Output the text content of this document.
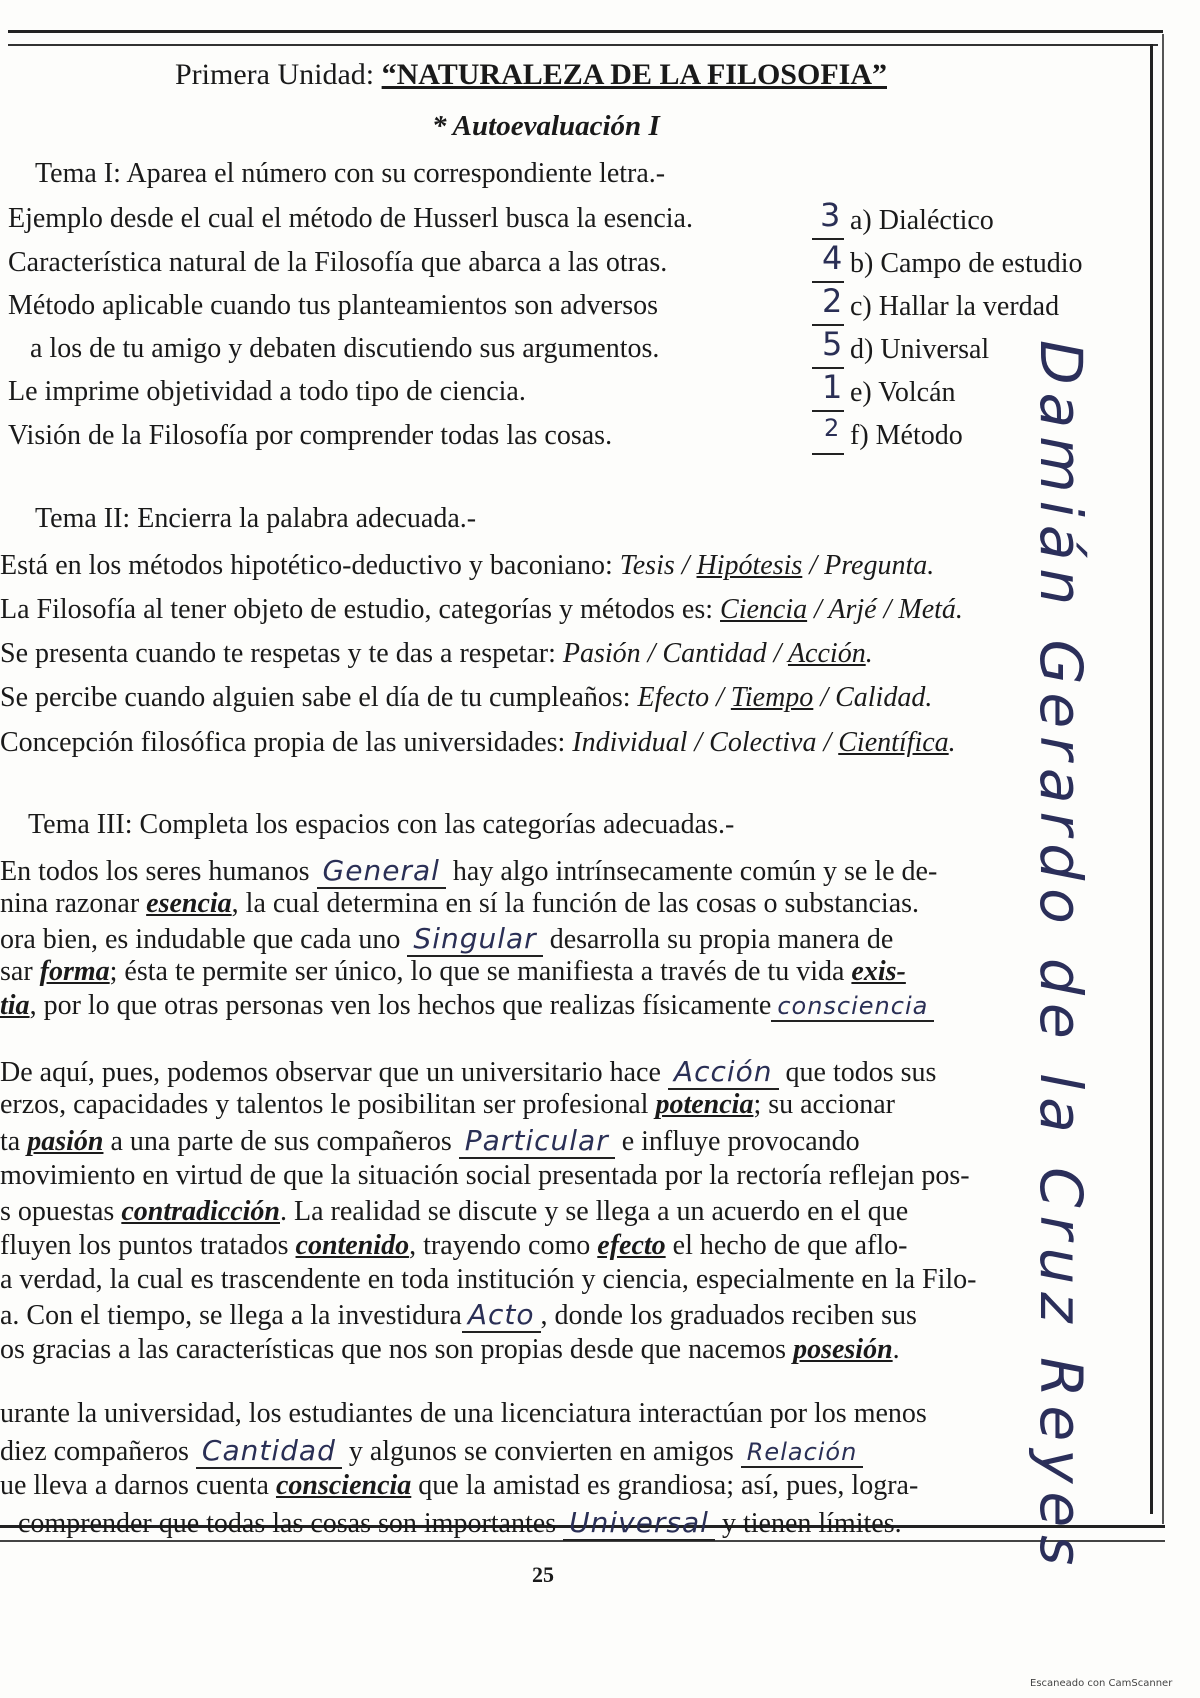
Primera Unidad: “NATURALEZA DE LA FILOSOFIA”
* Autoevaluación I
Tema I: Aparea el número con su correspondiente letra.-
Ejemplo desde el cual el método de Husserl busca la esencia.
Característica natural de la Filosofía que abarca a las otras.
Método aplicable cuando tus planteamientos son adversos
a los de tu amigo y debaten discutiendo sus argumentos.
Le imprime objetividad a todo tipo de ciencia.
Visión de la Filosofía por comprender todas las cosas.
3
4
2
5
1
2
a) Dialéctico
b) Campo de estudio
c) Hallar la verdad
d) Universal
e) Volcán
f) Método
Tema II: Encierra la palabra adecuada.-
Está en los métodos hipotético-deductivo y baconiano: Tesis / Hipótesis / Pregunta.
La Filosofía al tener objeto de estudio, categorías y métodos es: Ciencia / Arjé / Metá.
Se presenta cuando te respetas y te das a respetar: Pasión / Cantidad / Acción.
Se percibe cuando alguien sabe el día de tu cumpleaños: Efecto / Tiempo / Calidad.
Concepción filosófica propia de las universidades: Individual / Colectiva / Científica.
Tema III: Completa los espacios con las categorías adecuadas.-
En todos los seres humanos General hay algo intrínsecamente común y se le de-
nina razonar esencia, la cual determina en sí la función de las cosas o substancias.
ora bien, es indudable que cada uno Singular desarrolla su propia manera de
sar forma; ésta te permite ser único, lo que se manifiesta a través de tu vida exis-
tia, por lo que otras personas ven los hechos que realizas físicamente consciencia
De aquí, pues, podemos observar que un universitario hace Acción que todos sus
erzos, capacidades y talentos le posibilitan ser profesional potencia; su accionar
ta pasión a una parte de sus compañeros Particular e influye provocando
movimiento en virtud de que la situación social presentada por la rectoría reflejan pos-
s opuestas contradicción. La realidad se discute y se llega a un acuerdo en el que
fluyen los puntos tratados contenido, trayendo como efecto el hecho de que aflo-
a verdad, la cual es trascendente en toda institución y ciencia, especialmente en la Filo-
a. Con el tiempo, se llega a la investidura Acto , donde los graduados reciben sus
os gracias a las características que nos son propias desde que nacemos posesión.
urante la universidad, los estudiantes de una licenciatura interactúan por los menos
diez compañeros Cantidad y algunos se convierten en amigos Relación
ue lleva a darnos cuenta consciencia que la amistad es grandiosa; así, pues, logra-
comprender que todas las cosas son importantes Universal y tienen límites. Damián Gerardo de la Cruz Reyes
25
Escaneado con CamScanner
